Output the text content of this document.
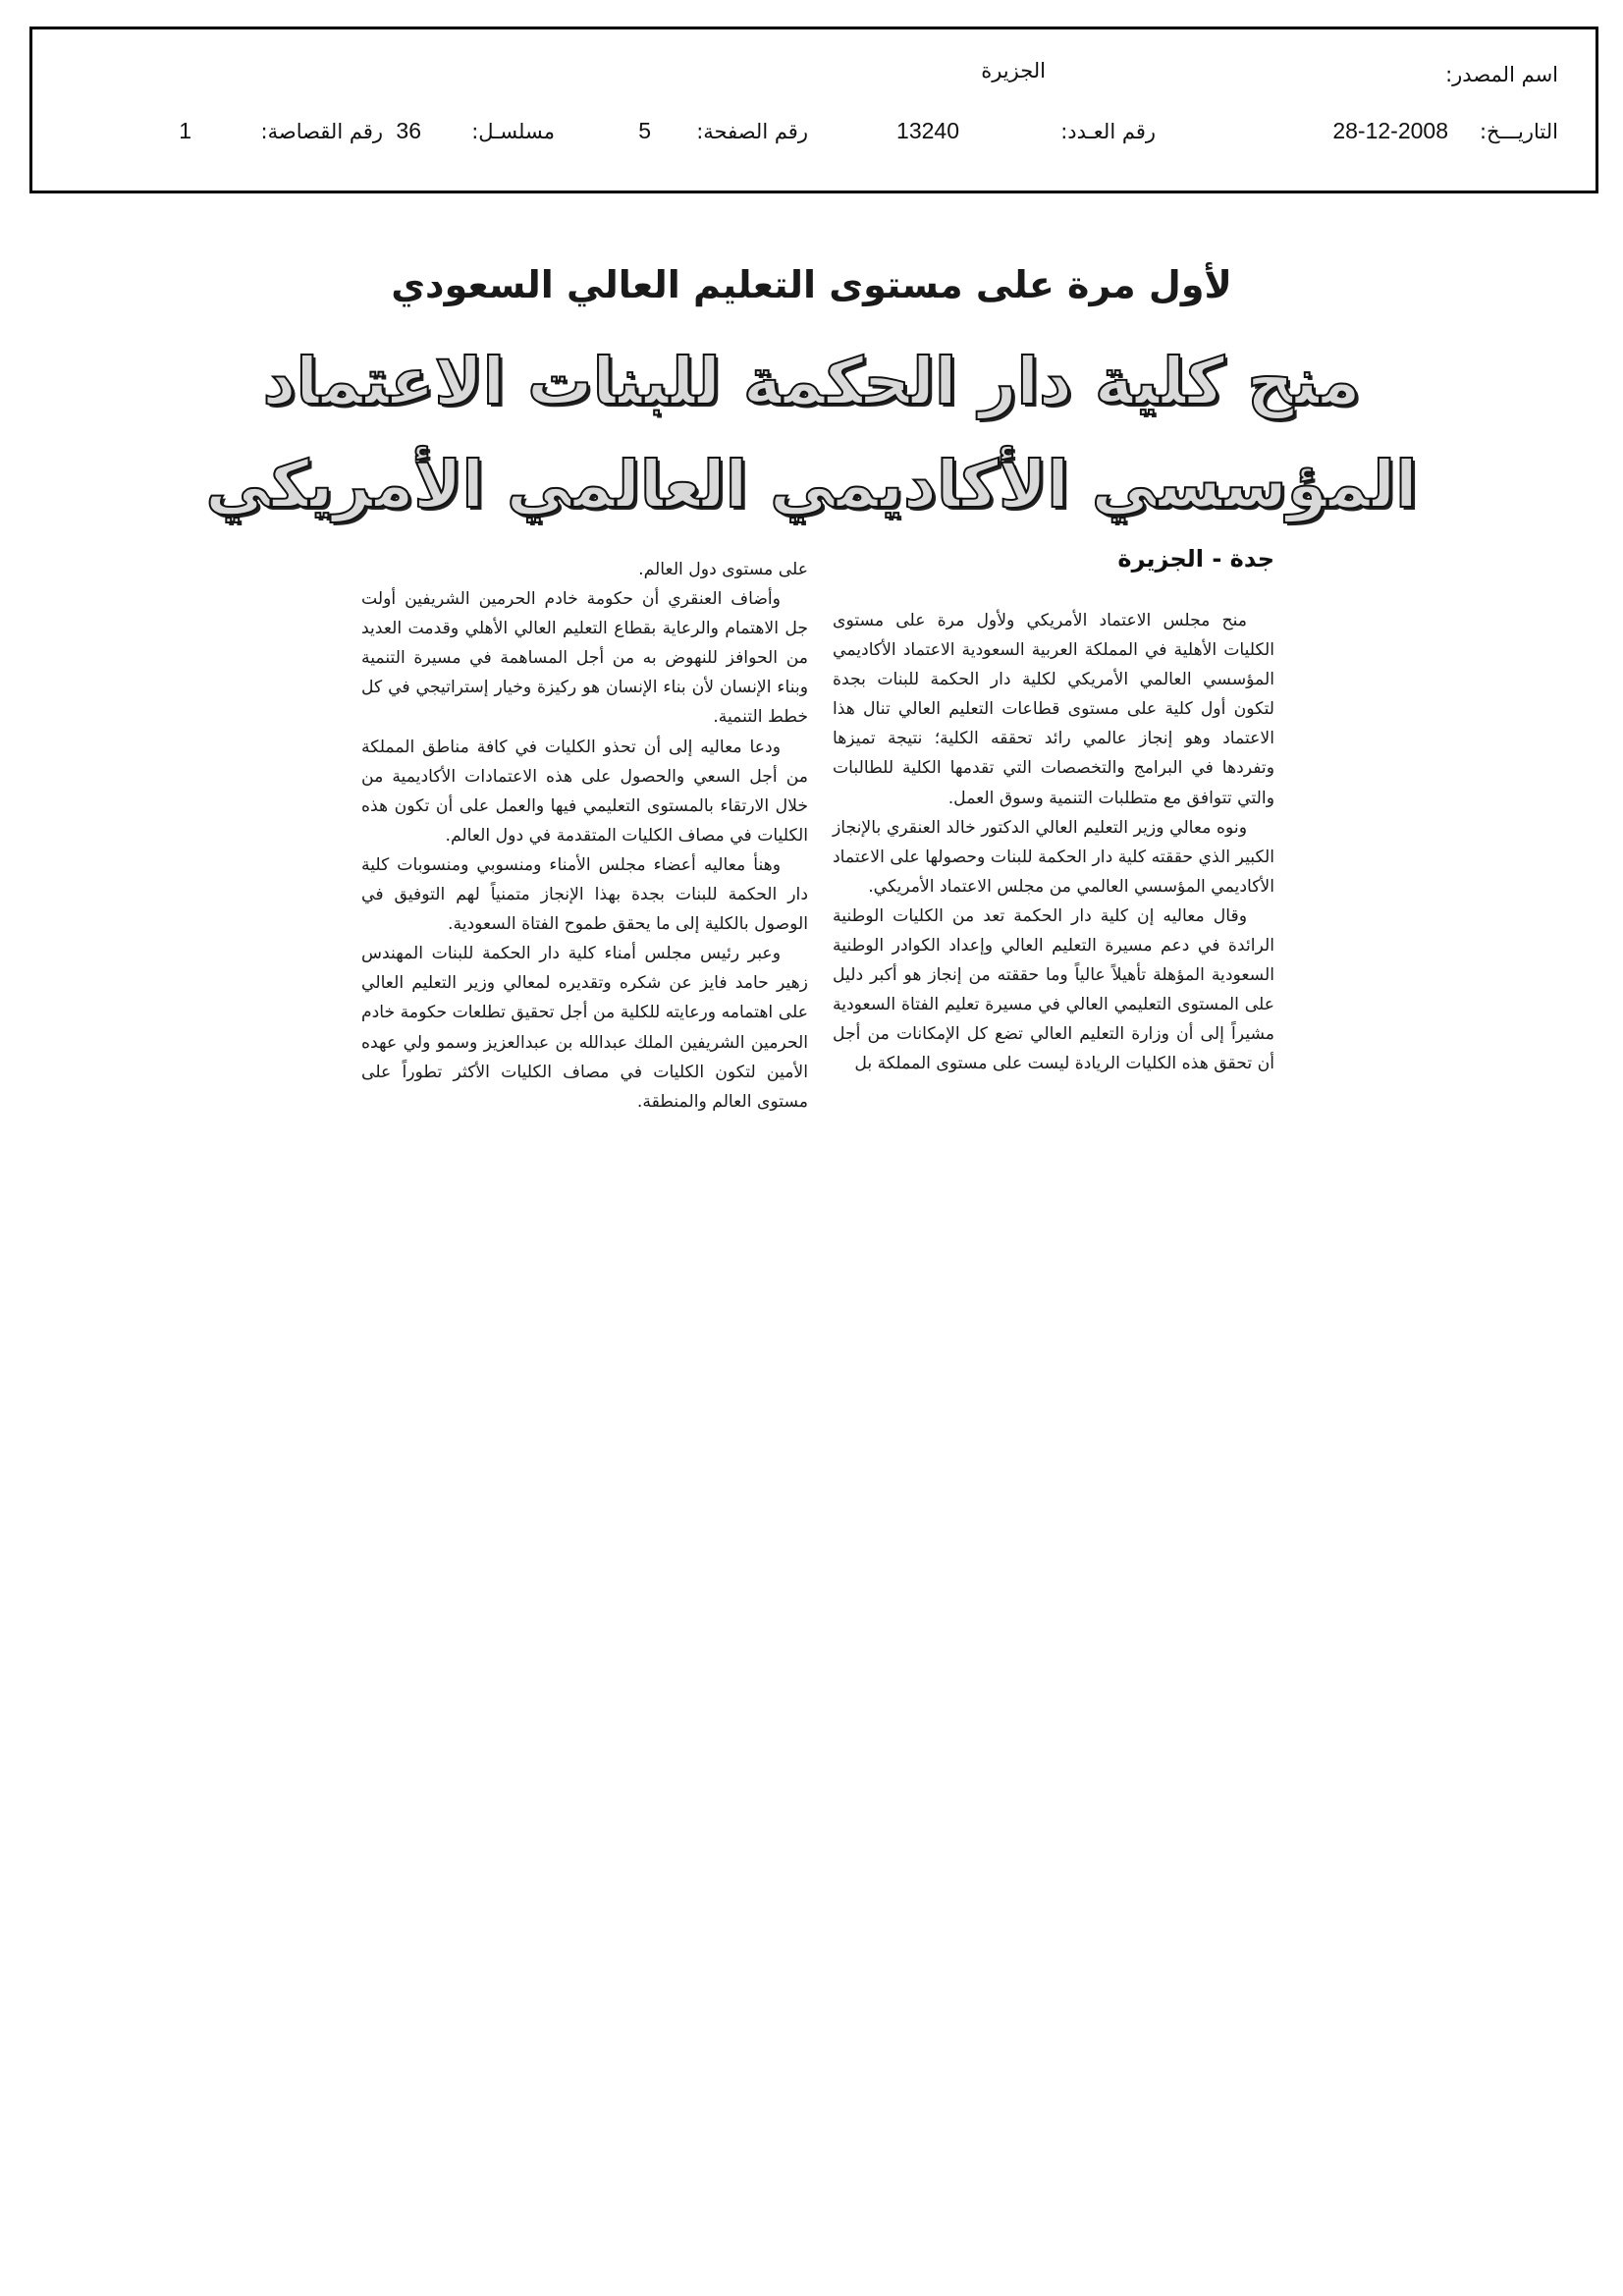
اسم المصدر:
الجزيرة
التاريـــخ:
28-12-2008
رقم العـدد:
13240
رقم الصفحة:
5
مسلسـل:
36
رقم القصاصة:
1
لأول مرة على مستوى التعليم العالي السعودي
منح كلية دار الحكمة للبنات الاعتماد
المؤسسي الأكاديمي العالمي الأمريكي
جدة - الجزيرة

منح مجلس الاعتماد الأمريكي ولأول مرة على مستوى الكليات الأهلية في المملكة العربية السعودية الاعتماد الأكاديمي المؤسسي العالمي الأمريكي لكلية دار الحكمة للبنات بجدة لتكون أول كلية على مستوى قطاعات التعليم العالي تنال هذا الاعتماد وهو إنجاز عالمي رائد تحققه الكلية؛ نتيجة تميزها وتفردها في البرامج والتخصصات التي تقدمها الكلية للطالبات والتي تتوافق مع متطلبات التنمية وسوق العمل.

ونوه معالي وزير التعليم العالي الدكتور خالد العنقري بالإنجاز الكبير الذي حققته كلية دار الحكمة للبنات وحصولها على الاعتماد الأكاديمي المؤسسي العالمي من مجلس الاعتماد الأمريكي.

وقال معاليه إن كلية دار الحكمة تعد من الكليات الوطنية الرائدة في دعم مسيرة التعليم العالي وإعداد الكوادر الوطنية السعودية المؤهلة تأهيلاً عالياً وما حققته من إنجاز هو أكبر دليل على المستوى التعليمي العالي في مسيرة تعليم الفتاة السعودية مشيراً إلى أن وزارة التعليم العالي تضع كل الإمكانات من أجل أن تحقق هذه الكليات الريادة ليست على مستوى المملكة بل

على مستوى دول العالم.

وأضاف العنقري أن حكومة خادم الحرمين الشريفين أولت جل الاهتمام والرعاية بقطاع التعليم العالي الأهلي وقدمت العديد من الحوافز للنهوض به من أجل المساهمة في مسيرة التنمية وبناء الإنسان لأن بناء الإنسان هو ركيزة وخيار إستراتيجي في كل خطط التنمية.

ودعا معاليه إلى أن تحذو الكليات في كافة مناطق المملكة من أجل السعي والحصول على هذه الاعتمادات الأكاديمية من خلال الارتقاء بالمستوى التعليمي فيها والعمل على أن تكون هذه الكليات في مصاف الكليات المتقدمة في دول العالم.

وهنأ معاليه أعضاء مجلس الأمناء ومنسوبي ومنسوبات كلية دار الحكمة للبنات بجدة بهذا الإنجاز متمنياً لهم التوفيق في الوصول بالكلية إلى ما يحقق طموح الفتاة السعودية.

وعبر رئيس مجلس أمناء كلية دار الحكمة للبنات المهندس زهير حامد فايز عن شكره وتقديره لمعالي وزير التعليم العالي على اهتمامه ورعايته للكلية من أجل تحقيق تطلعات حكومة خادم الحرمين الشريفين الملك عبدالله بن عبدالعزيز وسمو ولي عهده الأمين لتكون الكليات في مصاف الكليات الأكثر تطوراً على مستوى العالم والمنطقة.
